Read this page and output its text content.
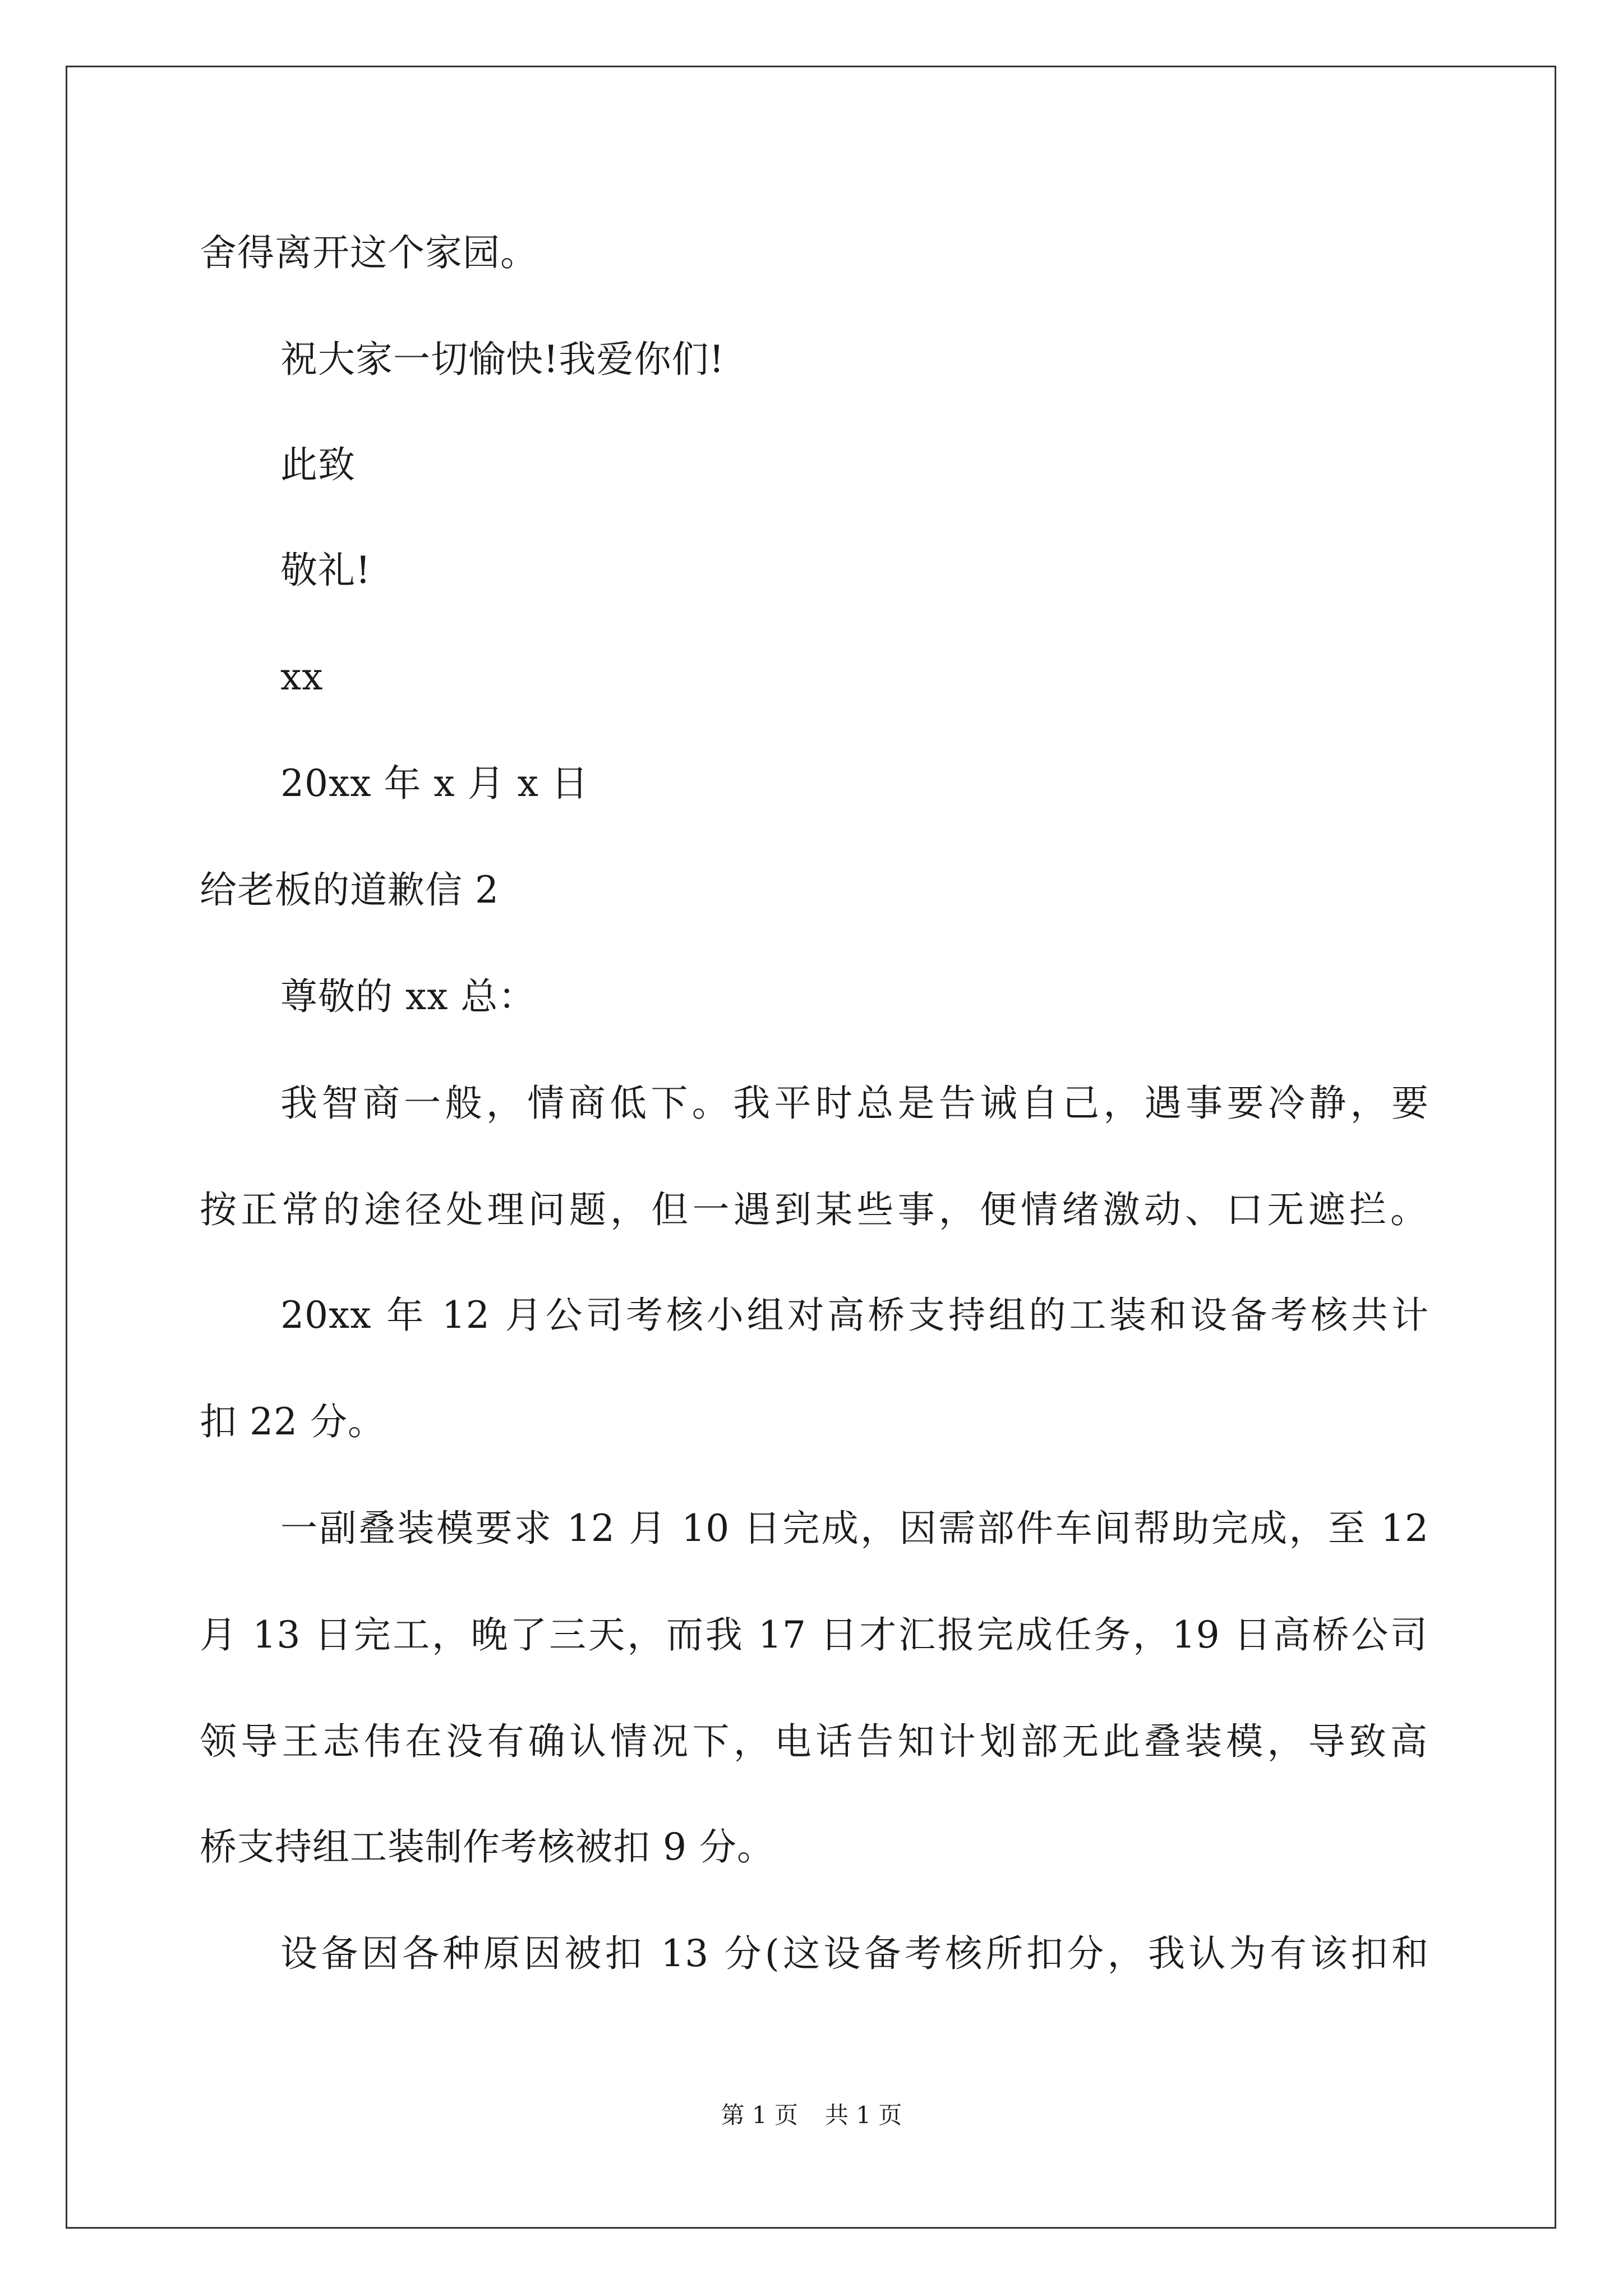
舍得离开这个家园。
祝大家一切愉快!我爱你们!
此致
敬礼!
xx
20xx 年 x 月 x 日
给老板的道歉信 2
尊敬的 xx 总：
我智商一般，情商低下。我平时总是告诫自己，遇事要冷静，要
按正常的途径处理问题，但一遇到某些事，便情绪激动、口无遮拦。
20xx 年 12 月公司考核小组对高桥支持组的工装和设备考核共计
扣 22 分。
一副叠装模要求 12 月 10 日完成，因需部件车间帮助完成，至 12
月 13 日完工，晚了三天，而我 17 日才汇报完成任务，19 日高桥公司
领导王志伟在没有确认情况下，电话告知计划部无此叠装模，导致高
桥支持组工装制作考核被扣 9 分。
设备因各种原因被扣 13 分(这设备考核所扣分，我认为有该扣和
第 1 页 共 1 页
